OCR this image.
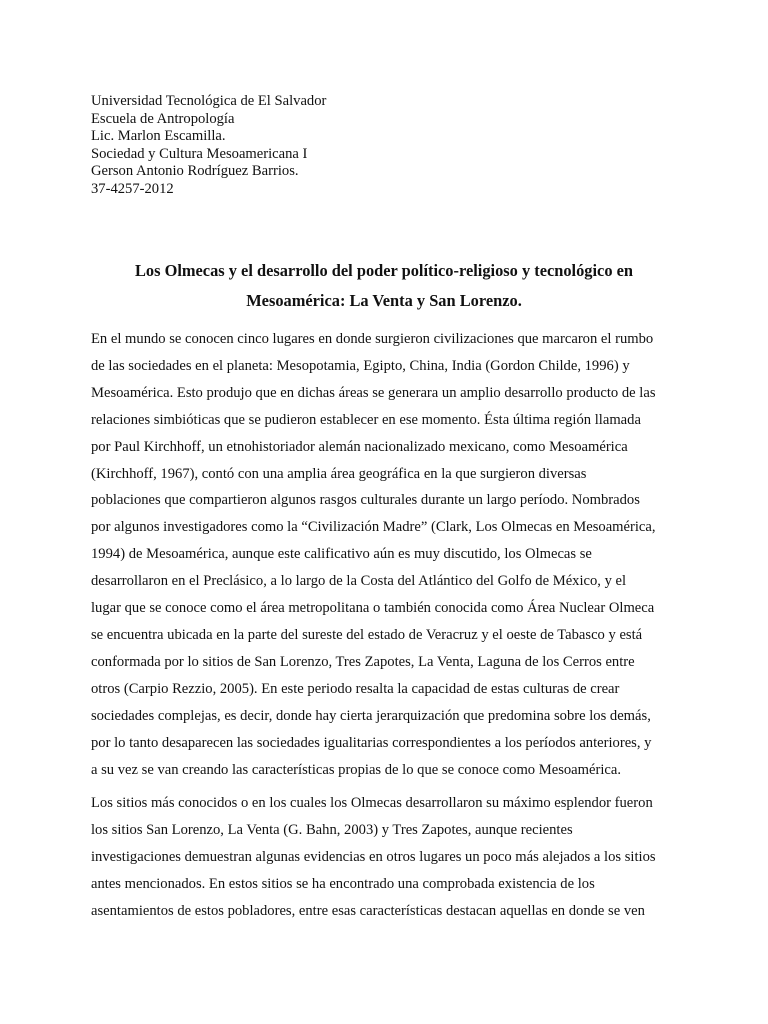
Universidad Tecnológica de El Salvador
Escuela de Antropología
Lic. Marlon Escamilla.
Sociedad y Cultura Mesoamericana I
Gerson Antonio Rodríguez Barrios.
37-4257-2012
Los Olmecas y el desarrollo del poder político-religioso y tecnológico en
Mesoamérica: La Venta y San Lorenzo.
En el mundo se conocen cinco lugares en donde surgieron civilizaciones que marcaron el rumbo
de las sociedades en el planeta: Mesopotamia, Egipto, China, India (Gordon Childe, 1996) y
Mesoamérica. Esto produjo que en dichas áreas se generara un amplio desarrollo producto de las
relaciones simbióticas que se pudieron establecer en ese momento. Ésta última región llamada
por Paul Kirchhoff, un etnohistoriador alemán nacionalizado mexicano, como Mesoamérica
(Kirchhoff, 1967), contó con una amplia área geográfica en la que surgieron diversas
poblaciones que compartieron algunos rasgos culturales durante un largo período. Nombrados
por algunos investigadores como la “Civilización Madre” (Clark, Los Olmecas en Mesoamérica,
1994) de Mesoamérica, aunque este calificativo aún es muy discutido, los Olmecas se
desarrollaron en el Preclásico, a lo largo de la Costa del Atlántico del Golfo de México, y el
lugar que se conoce como el área metropolitana o también conocida como Área Nuclear Olmeca
se encuentra ubicada en la parte del sureste del estado de Veracruz y el oeste de Tabasco y está
conformada por lo sitios de San Lorenzo, Tres Zapotes, La Venta, Laguna de los Cerros entre
otros (Carpio Rezzio, 2005). En este periodo resalta la capacidad de estas culturas de crear
sociedades complejas, es decir, donde hay cierta jerarquización que predomina sobre los demás,
por lo tanto desaparecen las sociedades igualitarias correspondientes a los períodos anteriores, y
a su vez se van creando las características propias de lo que se conoce como Mesoamérica.
Los sitios más conocidos o en los cuales los Olmecas desarrollaron su máximo esplendor fueron
los sitios San Lorenzo, La Venta (G. Bahn, 2003) y Tres Zapotes, aunque recientes
investigaciones demuestran algunas evidencias en otros lugares un poco más alejados a los sitios
antes mencionados. En estos sitios se ha encontrado una comprobada existencia de los
asentamientos de estos pobladores, entre esas características destacan aquellas en donde se ven
